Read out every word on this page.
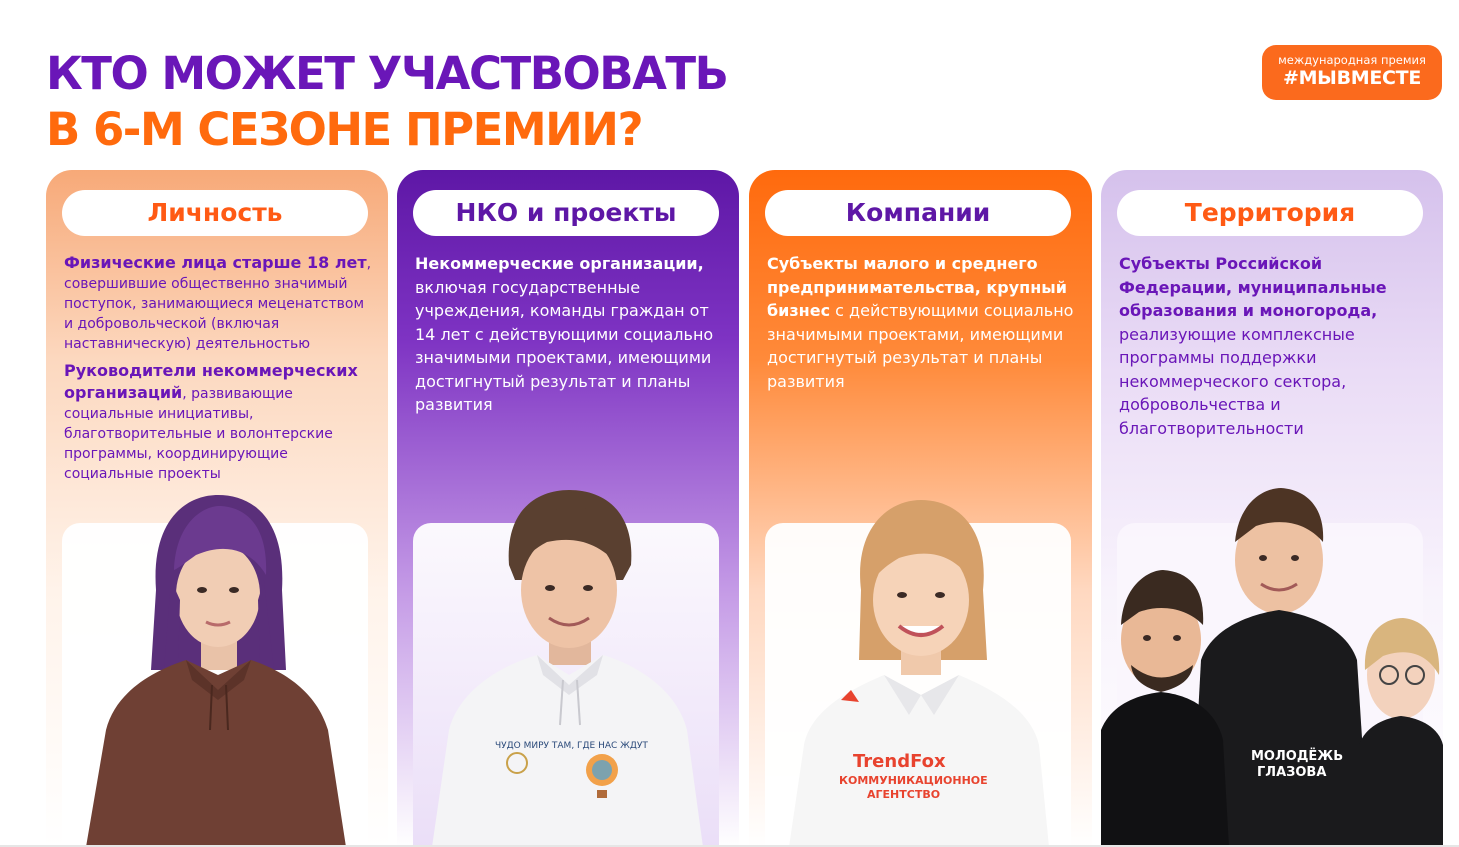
КТО МОЖЕТ УЧАСТВОВАТЬ
В 6-М СЕЗОНЕ ПРЕМИИ?
международная премия
#МЫВМЕСТЕ
Личность
Физические лица старше 18 лет, совершившие общественно значимый поступок, занимающиеся меценатством и добровольческой (включая наставническую) деятельностью
Руководители некоммерческих организаций, развивающие социальные инициативы, благотворительные и волонтерские программы, координирующие социальные проекты
НКО и проекты
Некоммерческие организации, включая государственные учреждения, команды граждан от 14 лет с действующими социально значимыми проектами, имеющими достигнутый результат и планы развития
ЧУДО МИРУ ТАМ, ГДЕ НАС ЖДУТ
Компании
Субъекты малого и среднего предпринимательства, крупный бизнес с действующими социально значимыми проектами, имеющими достигнутый результат и планы развития
TrendFox
КОММУНИКАЦИОННОЕ
АГЕНТСТВО
Территория
Субъекты Российской Федерации, муниципальные образования и моногорода, реализующие комплексные программы поддержки некоммерческого сектора, добровольчества и благотворительности
МОЛОДЁЖЬ
ГЛАЗОВА
